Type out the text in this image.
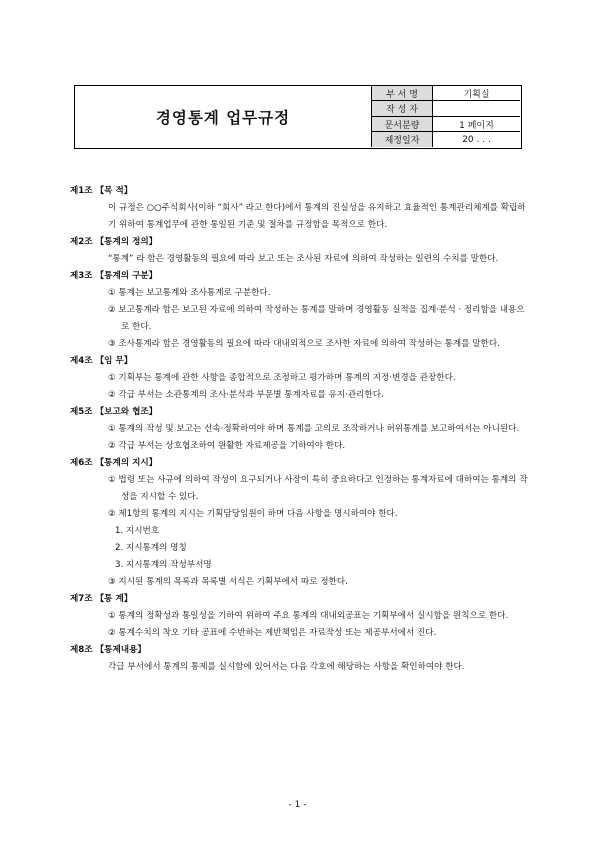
경영통계 업무규정
부 서 명	기획실
작 성 자	
문서분량	1 페이지
제정일자	20 . . .
제1조 【목 적】

이 규정은 ○○주식회사(이하 “회사” 라고 한다)에서 통계의 진실성을 유지하고 효율적인 통계관리체계를 확립하기 위하여 통계업무에 관한 통일된 기준 및 절차를 규정함을 목적으로 한다.

제2조 【통계의 정의】

“통계” 라 함은 경영활동의 필요에 따라 보고 또는 조사된 자료에 의하여 작성하는 일련의 수치를 말한다.

제3조 【통계의 구분】

① 통계는 보고통계와 조사통계로 구분한다.

② 보고통계라 함은 보고된 자료에 의하여 작성하는 통계를 말하며 경영활동 실적을 집계·분석 · 정리함을 내용으로 한다.

③ 조사통계라 함은 경영활동의 필요에 따라 대내외적으로 조사한 자료에 의하여 작성하는 통계를 말한다.

제4조 【임 무】

① 기획부는 통계에 관한 사항을 종합적으로 조정하고 평가하며 통계의 지정·변경을 관장한다.

② 각급 부서는 소관통계의 조사·분석과 부문별 통계자료를 유지·관리한다.

제5조 【보고와 협조】

① 통계의 작성 및 보고는 신속·정확하여야 하며 통계를 고의로 조작하거나 허위통계를 보고하여서는 아니된다.

② 각급 부서는 상호협조하여 원활한 자료제공을 기하여야 한다.

제6조 【통계의 지시】

① 법령 또는 사규에 의하여 작성이 요구되거나 사장이 특히 중요하다고 인정하는 통계자료에 대하여는 통계의 작성을 지시할 수 있다.

② 제1항의 통계의 지시는 기획담당임원이 하며 다음 사항을 명시하여야 한다.

1. 지시번호

2. 지시통계의 명칭

3. 지시통계의 작성부서명

③ 지시된 통계의 목록과 목록별 서식은 기획부에서 따로 정한다.

제7조 【통 계】

① 통계의 정확성과 통일성을 기하여 위하여 주요 통계의 대내외공표는 기획부에서 실시함을 원칙으로 한다.

② 통계수치의 착오 기타 공표에 수반하는 제반책임은 자료작성 또는 제공부서에서 진다.

제8조 【통제내용】

각급 부서에서 통계의 통제를 실시함에 있어서는 다음 각호에 해당하는 사항을 확인하여야 한다.

- 1 -
